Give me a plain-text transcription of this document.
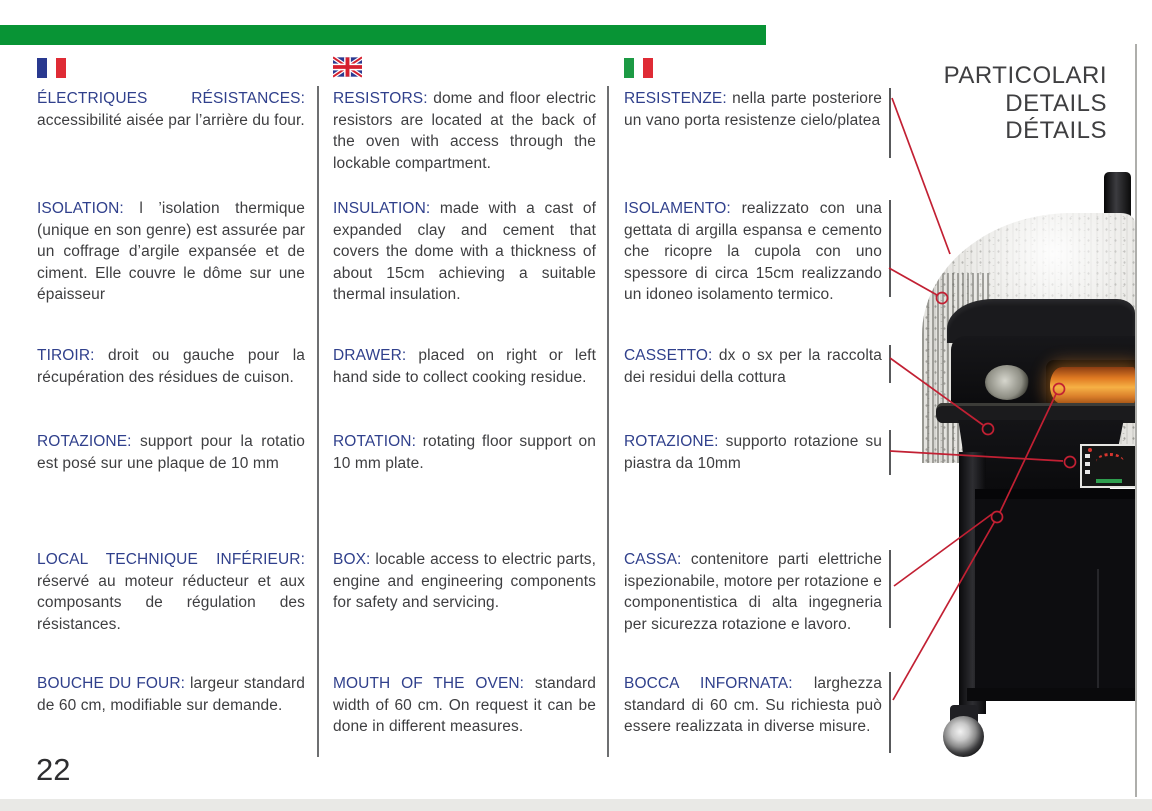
PARTICOLARI
DETAILS
DÉTAILS

ÉLECTRIQUES RÉSISTANCES: accessibilité aisée par l’arrière du four.

ISOLATION: l ’isolation thermique (unique en son genre) est assurée par un coffrage d’argile expansée et de ciment. Elle couvre le dôme sur une épaisseur

TIROIR: droit ou gauche pour la récupération des résidues de cuison.

ROTAZIONE: support pour la rotatio est posé sur une plaque de 10 mm

LOCAL TECHNIQUE INFÉRIEUR: réservé au moteur réducteur et aux composants de régulation des résistances.

BOUCHE DU FOUR: largeur standard de 60 cm, modifiable sur demande.

RESISTORS: dome and floor electric resistors are located at the back of the oven with access through the lockable compartment.

INSULATION: made with a cast of expanded clay and cement that covers the dome with a thickness of about 15cm achieving a suitable thermal insulation.

DRAWER: placed on right or left hand side to collect cooking residue.

ROTATION: rotating floor support on 10 mm plate.

BOX: locable access to electric parts, engine and engineering components for safety and servicing.

MOUTH OF THE OVEN: standard width of 60 cm. On request it can be done in different measures.

RESISTENZE: nella parte posteriore un vano porta resistenze cielo/platea

ISOLAMENTO: realizzato con una gettata di argilla espansa e cemento che ricopre la cupola con uno spessore di circa 15cm realizzando un idoneo isolamento termico.

CASSETTO: dx o sx per la raccolta dei residui della cottura

ROTAZIONE: supporto rotazione su piastra da 10mm

CASSA: contenitore parti elettriche ispezionabile, motore per rotazione e componentistica di alta ingegneria per sicurezza rotazione e lavoro.

BOCCA INFORNATA: larghezza standard di 60 cm. Su richiesta può essere realizzata in diverse misure.

22
